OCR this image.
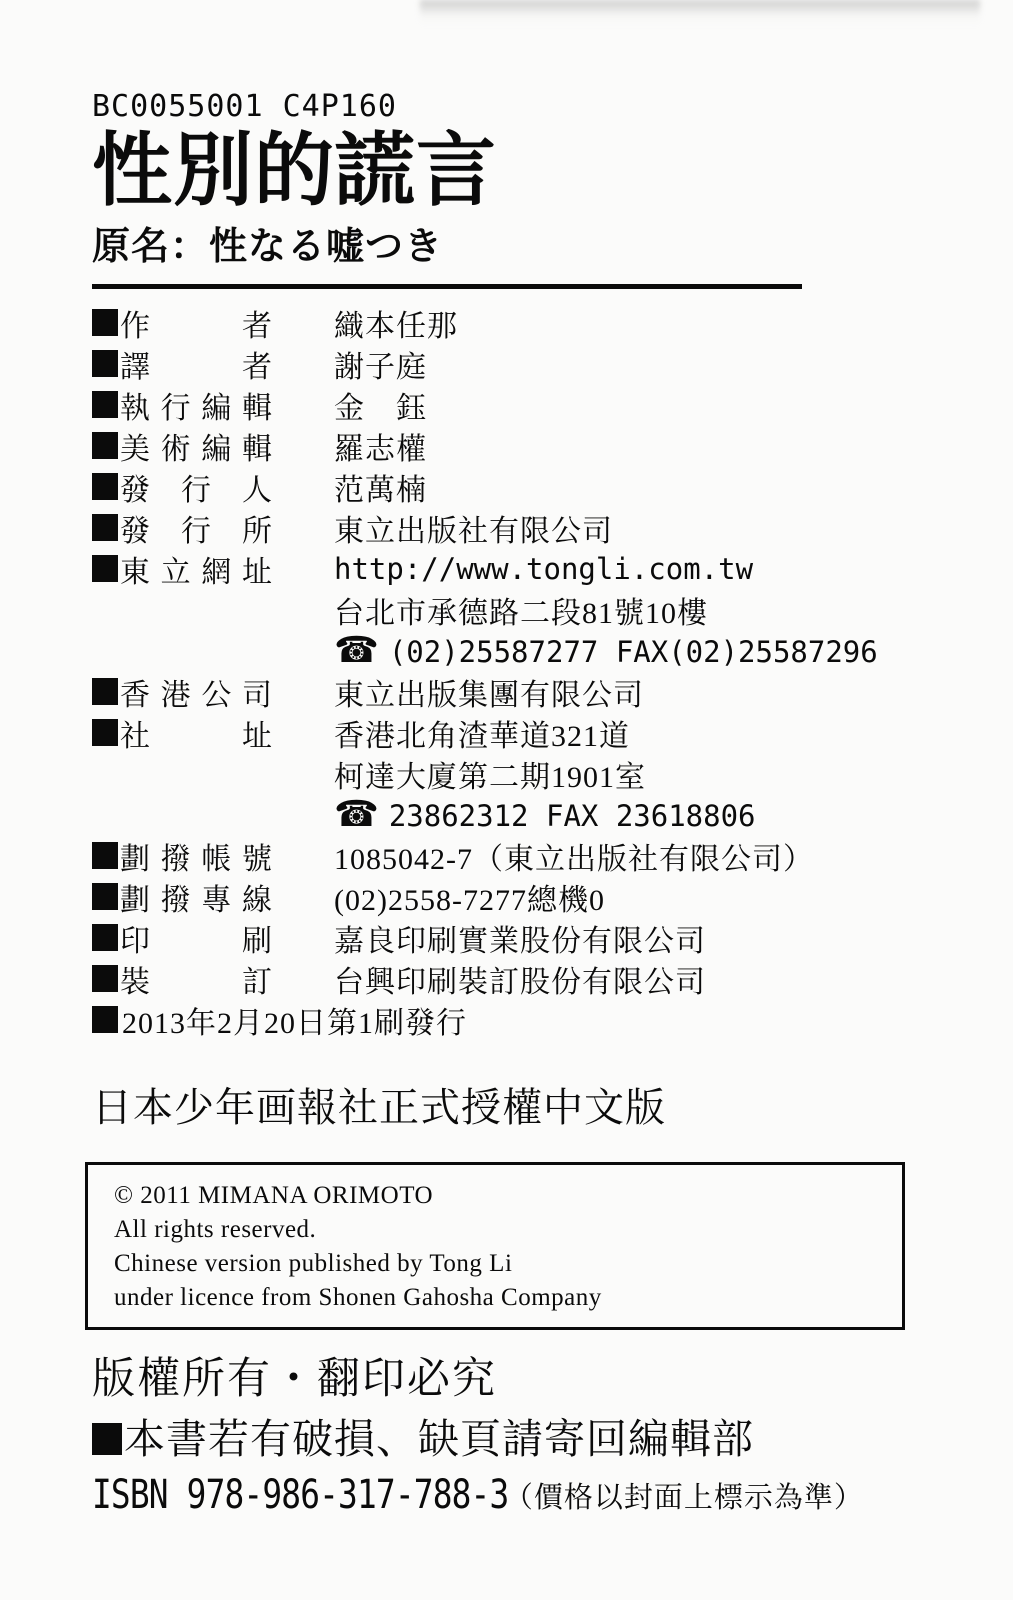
BC0055001 C4P160
性別的謊言
原名：性なる嘘つき
作者 織本任那
譯者 謝子庭
執行編輯 金　鈺
美術編輯 羅志權
發行人 范萬楠
發行所 東立出版社有限公司
東立網址 http://www.tongli.com.tw
台北市承德路二段81號10樓
☎ (02)25587277 FAX(02)25587296
香港公司 東立出版集團有限公司
社址 香港北角渣華道321道
柯達大廈第二期1901室
☎ 23862312 FAX 23618806
劃撥帳號 1085042-7（東立出版社有限公司）
劃撥專線 (02)2558-7277總機0
印刷 嘉良印刷實業股份有限公司
裝訂 台興印刷裝訂股份有限公司
2013年2月20日第1刷發行
日本少年画報社正式授權中文版
© 2011 MIMANA ORIMOTO
All rights reserved.
Chinese version published by Tong Li
under licence from Shonen Gahosha Company
版權所有・翻印必究
本書若有破損、缺頁請寄回編輯部
ISBN 978-986-317-788-3
（價格以封面上標示為準）
